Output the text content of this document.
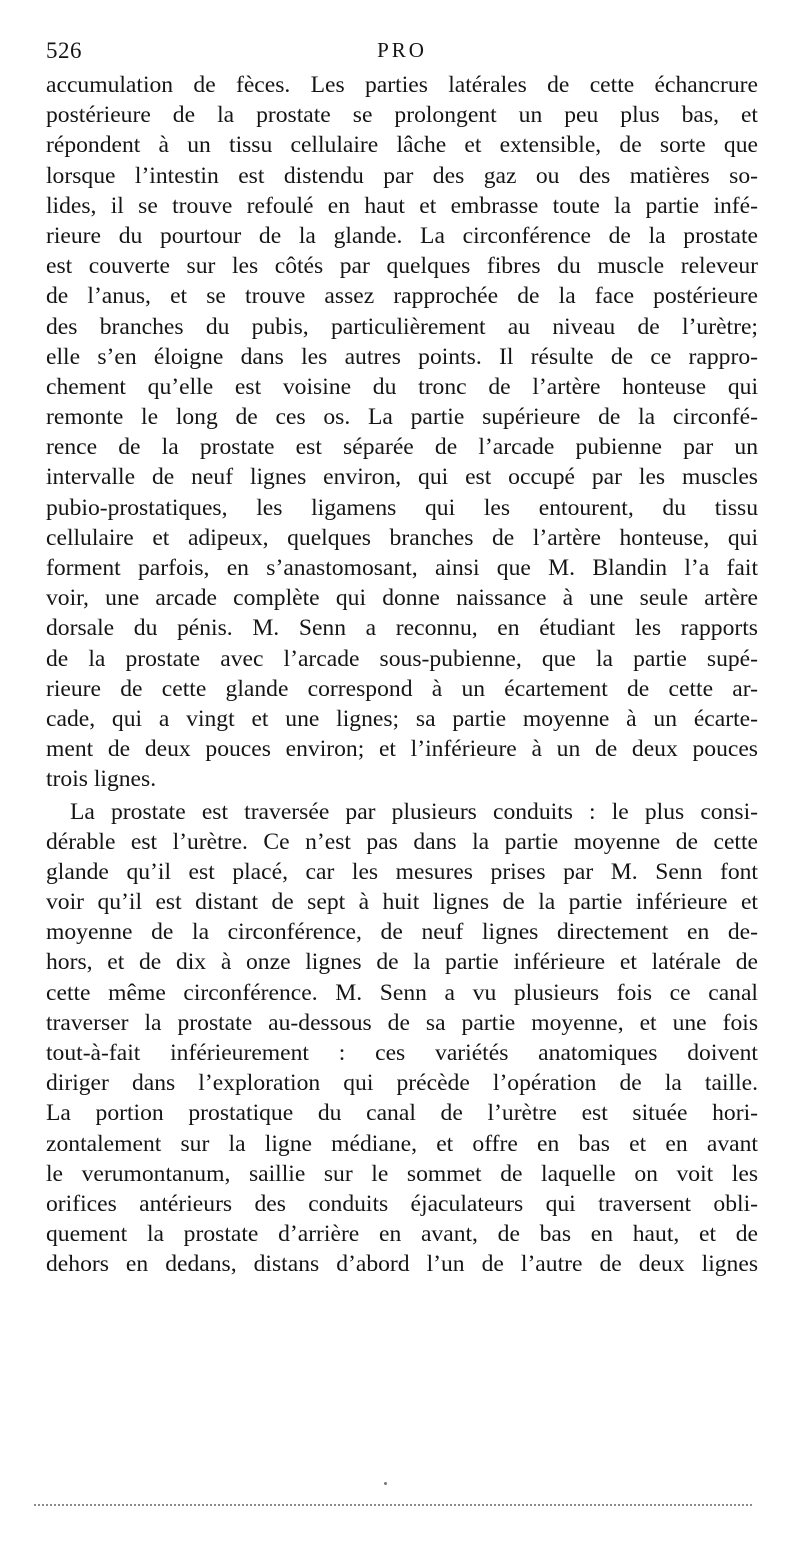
526	PRO
accumulation de fèces. Les parties latérales de cette échancrure
postérieure de la prostate se prolongent un peu plus bas, et
répondent à un tissu cellulaire lâche et extensible, de sorte que
lorsque l’intestin est distendu par des gaz ou des matières so-
lides, il se trouve refoulé en haut et embrasse toute la partie infé-
rieure du pourtour de la glande. La circonférence de la prostate
est couverte sur les côtés par quelques fibres du muscle releveur
de l’anus, et se trouve assez rapprochée de la face postérieure
des branches du pubis, particulièrement au niveau de l’urètre;
elle s’en éloigne dans les autres points. Il résulte de ce rappro-
chement qu’elle est voisine du tronc de l’artère honteuse qui
remonte le long de ces os. La partie supérieure de la circonfé-
rence de la prostate est séparée de l’arcade pubienne par un
intervalle de neuf lignes environ, qui est occupé par les muscles
pubio-prostatiques, les ligamens qui les entourent, du tissu
cellulaire et adipeux, quelques branches de l’artère honteuse, qui
forment parfois, en s’anastomosant, ainsi que M. Blandin l’a fait
voir, une arcade complète qui donne naissance à une seule artère
dorsale du pénis. M. Senn a reconnu, en étudiant les rapports
de la prostate avec l’arcade sous-pubienne, que la partie supé-
rieure de cette glande correspond à un écartement de cette ar-
cade, qui a vingt et une lignes; sa partie moyenne à un écarte-
ment de deux pouces environ; et l’inférieure à un de deux pouces
trois lignes.
La prostate est traversée par plusieurs conduits : le plus consi-
dérable est l’urètre. Ce n’est pas dans la partie moyenne de cette
glande qu’il est placé, car les mesures prises par M. Senn font
voir qu’il est distant de sept à huit lignes de la partie inférieure et
moyenne de la circonférence, de neuf lignes directement en de-
hors, et de dix à onze lignes de la partie inférieure et latérale de
cette même circonférence. M. Senn a vu plusieurs fois ce canal
traverser la prostate au-dessous de sa partie moyenne, et une fois
tout-à-fait inférieurement : ces variétés anatomiques doivent
diriger dans l’exploration qui précède l’opération de la taille.
La portion prostatique du canal de l’urètre est située hori-
zontalement sur la ligne médiane, et offre en bas et en avant
le verumontanum, saillie sur le sommet de laquelle on voit les
orifices antérieurs des conduits éjaculateurs qui traversent obli-
quement la prostate d’arrière en avant, de bas en haut, et de
dehors en dedans, distans d’abord l’un de l’autre de deux lignes
